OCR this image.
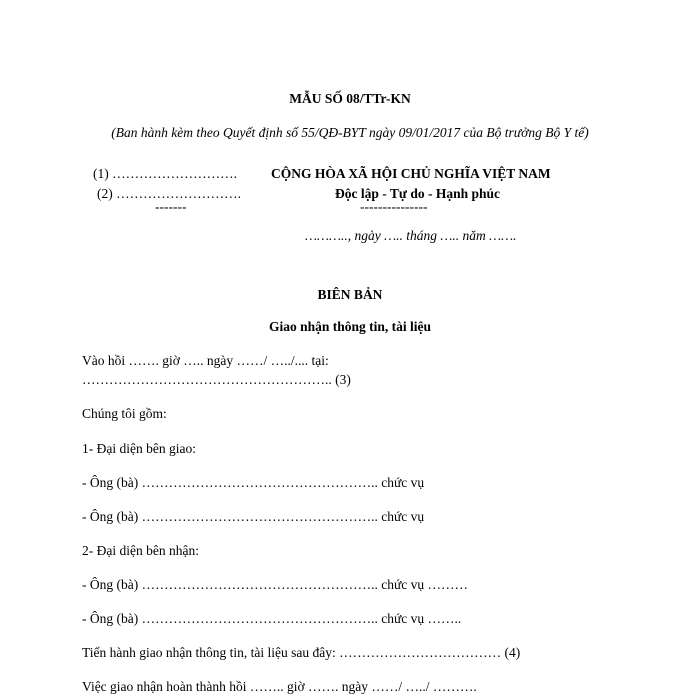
MẪU SỐ 08/TTr-KN
(Ban hành kèm theo Quyết định số 55/QĐ-BYT ngày 09/01/2017 của Bộ trưởng Bộ Y tế)
(1) ……………………….
(2) ……………………….
-------
CỘNG HÒA XÃ HỘI CHỦ NGHĨA VIỆT NAM
Độc lập - Tự do - Hạnh phúc
---------------
……….., ngày ….. tháng ….. năm …….
BIÊN BẢN
Giao nhận thông tin, tài liệu
Vào hồi ……. giờ ….. ngày ……/ …../.... tại:
……………………………………………….. (3)
Chúng tôi gồm:
1- Đại diện bên giao:
- Ông (bà) …………………………………………….. chức vụ
- Ông (bà) …………………………………………….. chức vụ
2- Đại diện bên nhận:
- Ông (bà) …………………………………………….. chức vụ ………
- Ông (bà) …………………………………………….. chức vụ ……..
Tiến hành giao nhận thông tin, tài liệu sau đây: ……………………………… (4)
Việc giao nhận hoàn thành hồi …….. giờ ……. ngày ……/ …../ ……….
